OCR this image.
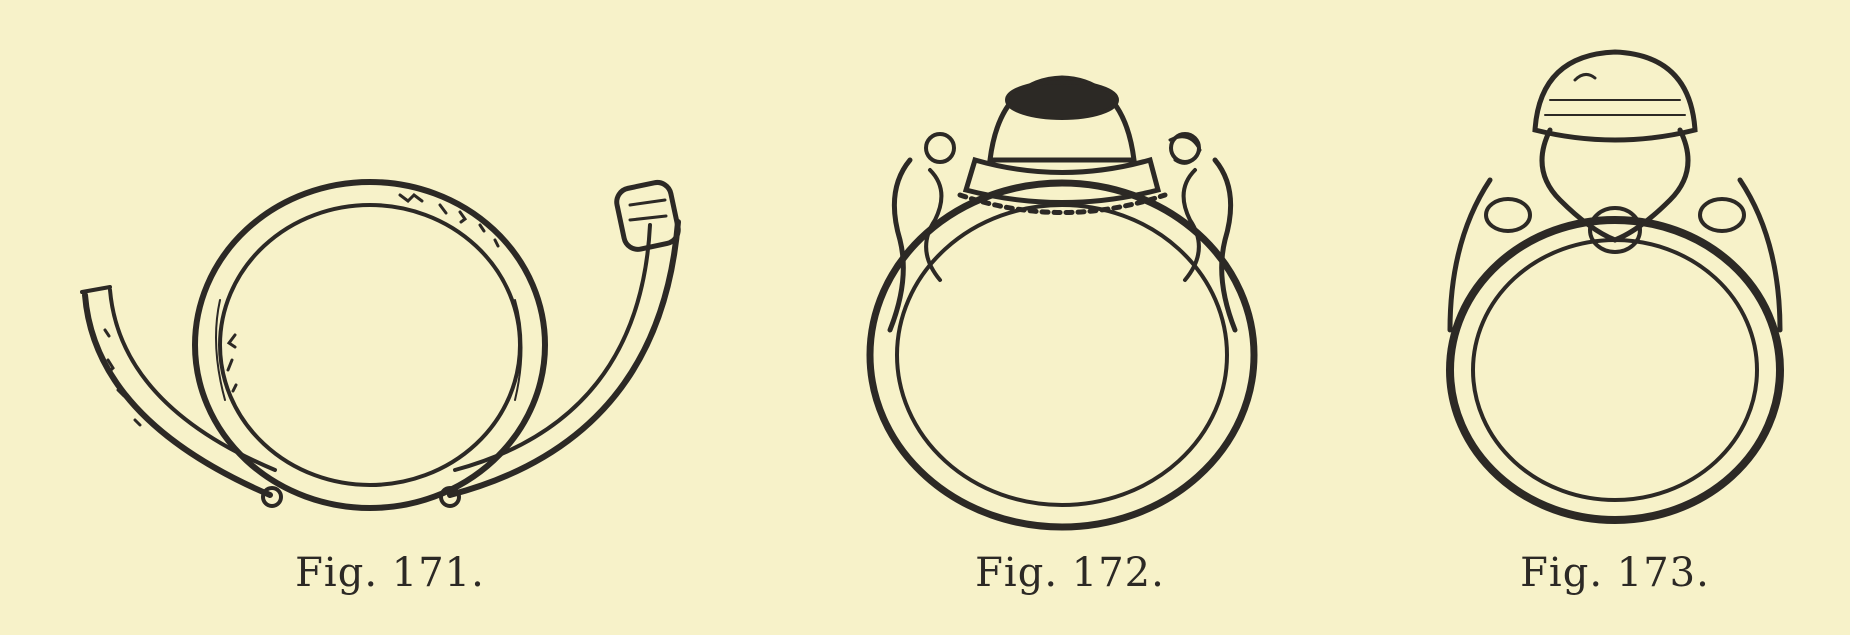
Fig. 171.	Fig. 172.	Fig. 173.
